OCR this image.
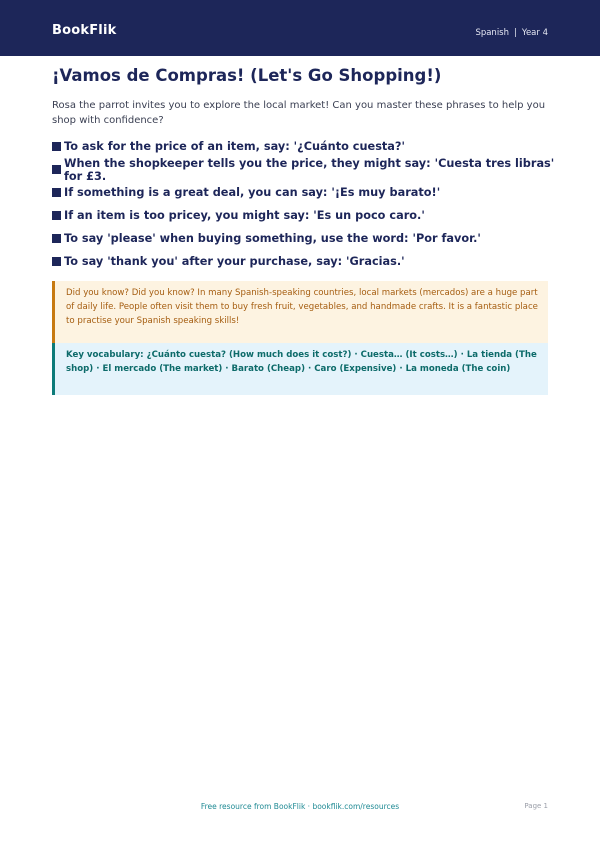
BookFlik	Spanish | Year 4
¡Vamos de Compras! (Let's Go Shopping!)

Rosa the parrot invites you to explore the local market! Can you master these phrases to help you shop with confidence?

To ask for the price of an item, say: '¿Cuánto cuesta?'
When the shopkeeper tells you the price, they might say: 'Cuesta tres libras' for £3.
If something is a great deal, you can say: '¡Es muy barato!'
If an item is too pricey, you might say: 'Es un poco caro.'
To say 'please' when buying something, use the word: 'Por favor.'
To say 'thank you' after your purchase, say: 'Gracias.'
Did you know? Did you know? In many Spanish-speaking countries, local markets (mercados) are a huge part of daily life. People often visit them to buy fresh fruit, vegetables, and handmade crafts. It is a fantastic place to practise your Spanish speaking skills!
Key vocabulary: ¿Cuánto cuesta? (How much does it cost?) · Cuesta… (It costs…) · La tienda (The shop) · El mercado (The market) · Barato (Cheap) · Caro (Expensive) · La moneda (The coin)
Free resource from BookFlik · bookflik.com/resources	Page 1
